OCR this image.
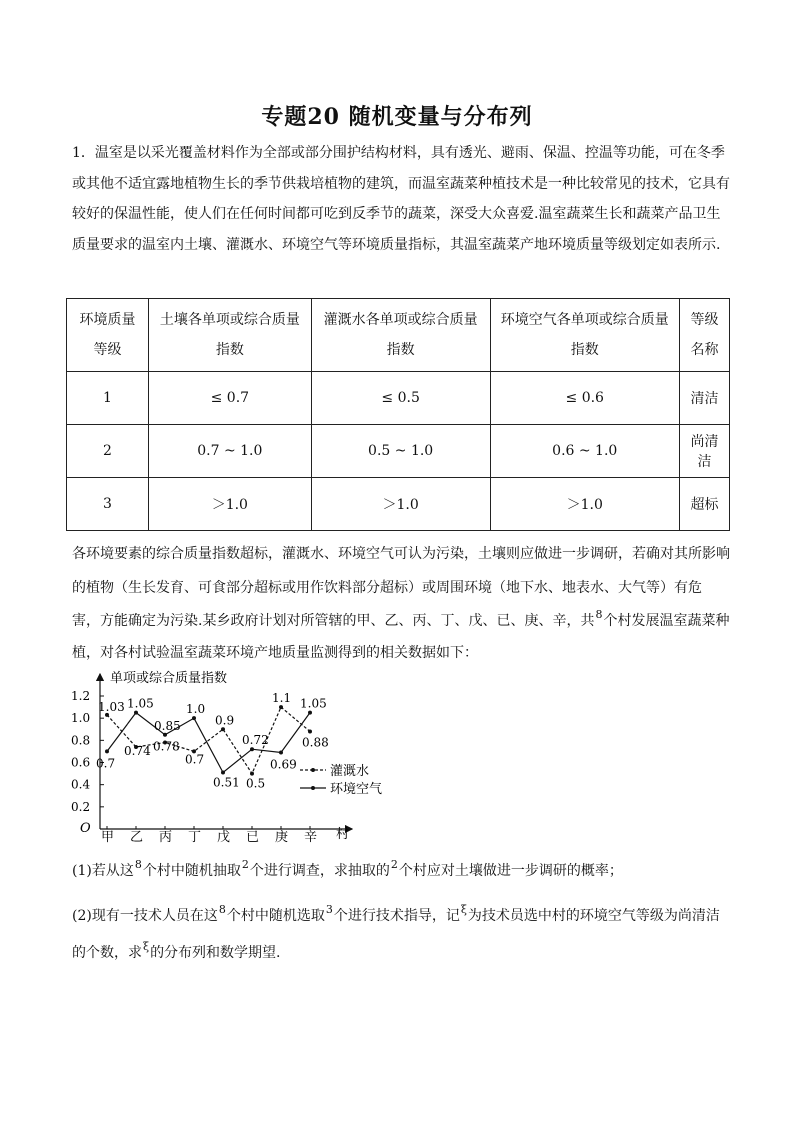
专题20 随机变量与分布列
1．温室是以采光覆盖材料作为全部或部分围护结构材料，具有透光、避雨、保温、控温等功能，可在冬季或其他不适宜露地植物生长的季节供栽培植物的建筑，而温室蔬菜种植技术是一种比较常见的技术，它具有较好的保温性能，使人们在任何时间都可吃到反季节的蔬菜，深受大众喜爱.温室蔬菜生长和蔬菜产品卫生质量要求的温室内土壤、灌溉水、环境空气等环境质量指标，其温室蔬菜产地环境质量等级划定如表所示.
环境质量等级	土壤各单项或综合质量指数	灌溉水各单项或综合质量指数	环境空气各单项或综合质量指数	等级名称
1	≤ 0.7	≤ 0.5	≤ 0.6	清洁
2	0.7 ~ 1.0	0.5 ~ 1.0	0.6 ~ 1.0	尚清洁
3	＞1.0	＞1.0	＞1.0	超标
各环境要素的综合质量指数超标，灌溉水、环境空气可认为污染，土壤则应做进一步调研，若确对其所影响的植物（生长发育、可食部分超标或用作饮料部分超标）或周围环境（地下水、地表水、大气等）有危
害，方能确定为污染.某乡政府计划对所管辖的甲、乙、丙、丁、戊、已、庚、辛，共$^8$个村发展温室蔬菜种植，对各村试验温室蔬菜环境产地质量监测得到的相关数据如下：
单项或综合质量指数
村
O
0.2
0.4
0.6
0.8
1.0
1.2
甲 乙 丙 丁 戊 已 庚 辛
1.03
0.74 0.78
0.7
0.9
0.5
1.1
0.88
0.7
1.05
0.85
1.0
0.51
0.72
0.69
1.05
灌溉水
环境空气
(1)若从这$^8$个村中随机抽取$^2$个进行调查，求抽取的$^2$个村应对土壤做进一步调研的概率；
(2)现有一技术人员在这$^8$个村中随机选取$^3$个进行技术指导，记$^\xi$为技术员选中村的环境空气等级为尚清洁的个数，求$^\xi$的分布列和数学期望.
